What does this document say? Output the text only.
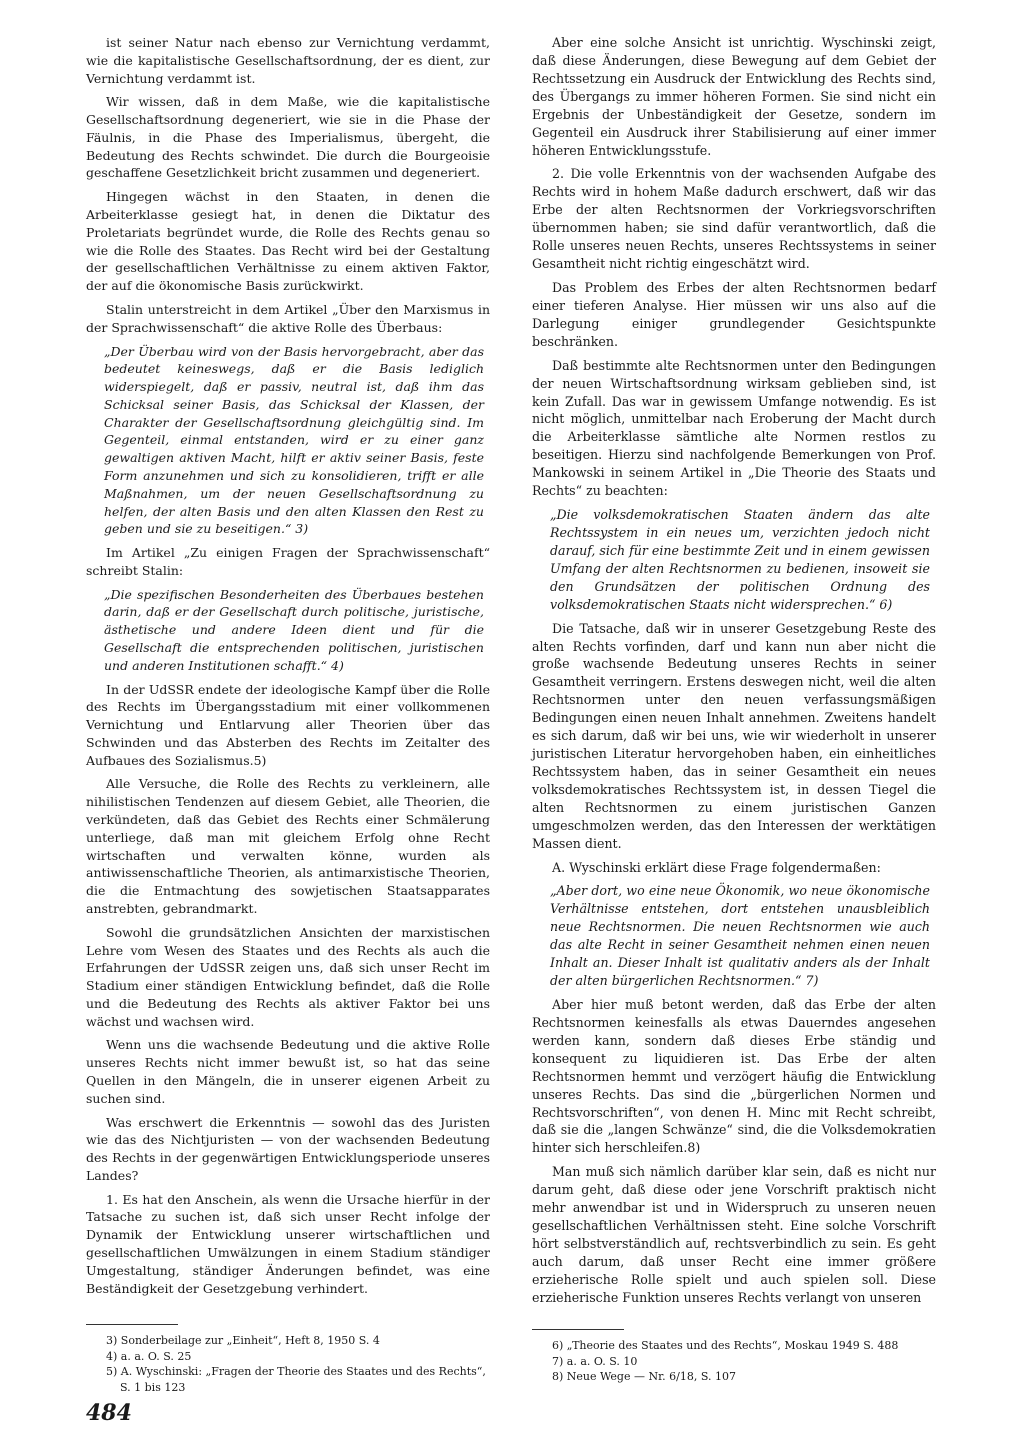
ist seiner Natur nach ebenso zur Vernichtung verdammt, wie die kapitalistische Gesellschaftsordnung, der es dient, zur Vernichtung verdammt ist.

Wir wissen, daß in dem Maße, wie die kapitalistische Gesellschaftsordnung degeneriert, wie sie in die Phase der Fäulnis, in die Phase des Imperialismus, übergeht, die Bedeutung des Rechts schwindet. Die durch die Bourgeoisie geschaffene Gesetzlichkeit bricht zusammen und degeneriert.

Hingegen wächst in den Staaten, in denen die Arbeiterklasse gesiegt hat, in denen die Diktatur des Proletariats begründet wurde, die Rolle des Rechts genau so wie die Rolle des Staates. Das Recht wird bei der Gestaltung der gesellschaftlichen Verhältnisse zu einem aktiven Faktor, der auf die ökonomische Basis zurückwirkt.

Stalin unterstreicht in dem Artikel „Über den Marxismus in der Sprachwissenschaft“ die aktive Rolle des Überbaus:

„Der Überbau wird von der Basis hervorgebracht, aber das bedeutet keineswegs, daß er die Basis lediglich widerspiegelt, daß er passiv, neutral ist, daß ihm das Schicksal seiner Basis, das Schicksal der Klassen, der Charakter der Gesellschaftsordnung gleichgültig sind. Im Gegenteil, einmal entstanden, wird er zu einer ganz gewaltigen aktiven Macht, hilft er aktiv seiner Basis, feste Form anzunehmen und sich zu konsolidieren, trifft er alle Maßnahmen, um der neuen Gesellschaftsordnung zu helfen, der alten Basis und den alten Klassen den Rest zu geben und sie zu beseitigen.“ 3)

Im Artikel „Zu einigen Fragen der Sprachwissenschaft“ schreibt Stalin:

„Die spezifischen Besonderheiten des Überbaues bestehen darin, daß er der Gesellschaft durch politische, juristische, ästhetische und andere Ideen dient und für die Gesellschaft die entsprechenden politischen, juristischen und anderen Institutionen schafft.“ 4)

In der UdSSR endete der ideologische Kampf über die Rolle des Rechts im Übergangsstadium mit einer vollkommenen Vernichtung und Entlarvung aller Theorien über das Schwinden und das Absterben des Rechts im Zeitalter des Aufbaues des Sozialismus.5)

Alle Versuche, die Rolle des Rechts zu verkleinern, alle nihilistischen Tendenzen auf diesem Gebiet, alle Theorien, die verkündeten, daß das Gebiet des Rechts einer Schmälerung unterliege, daß man mit gleichem Erfolg ohne Recht wirtschaften und verwalten könne, wurden als antiwissenschaftliche Theorien, als antimarxistische Theorien, die die Entmachtung des sowjetischen Staatsapparates anstrebten, gebrandmarkt.

Sowohl die grundsätzlichen Ansichten der marxistischen Lehre vom Wesen des Staates und des Rechts als auch die Erfahrungen der UdSSR zeigen uns, daß sich unser Recht im Stadium einer ständigen Entwicklung befindet, daß die Rolle und die Bedeutung des Rechts als aktiver Faktor bei uns wächst und wachsen wird.

Wenn uns die wachsende Bedeutung und die aktive Rolle unseres Rechts nicht immer bewußt ist, so hat das seine Quellen in den Mängeln, die in unserer eigenen Arbeit zu suchen sind.

Was erschwert die Erkenntnis — sowohl das des Juristen wie das des Nichtjuristen — von der wachsenden Bedeutung des Rechts in der gegenwärtigen Entwicklungsperiode unseres Landes?

1. Es hat den Anschein, als wenn die Ursache hierfür in der Tatsache zu suchen ist, daß sich unser Recht infolge der Dynamik der Entwicklung unserer wirtschaftlichen und gesellschaftlichen Umwälzungen in einem Stadium ständiger Umgestaltung, ständiger Änderungen befindet, was eine Beständigkeit der Gesetzgebung verhindert.

Aber eine solche Ansicht ist unrichtig. Wyschinski zeigt, daß diese Änderungen, diese Bewegung auf dem Gebiet der Rechtssetzung ein Ausdruck der Entwicklung des Rechts sind, des Übergangs zu immer höheren Formen. Sie sind nicht ein Ergebnis der Unbeständigkeit der Gesetze, sondern im Gegenteil ein Ausdruck ihrer Stabilisierung auf einer immer höheren Entwicklungsstufe.

2. Die volle Erkenntnis von der wachsenden Aufgabe des Rechts wird in hohem Maße dadurch erschwert, daß wir das Erbe der alten Rechtsnormen der Vorkriegsvorschriften übernommen haben; sie sind dafür verantwortlich, daß die Rolle unseres neuen Rechts, unseres Rechtssystems in seiner Gesamtheit nicht richtig eingeschätzt wird.

Das Problem des Erbes der alten Rechtsnormen bedarf einer tieferen Analyse. Hier müssen wir uns also auf die Darlegung einiger grundlegender Gesichtspunkte beschränken.

Daß bestimmte alte Rechtsnormen unter den Bedingungen der neuen Wirtschaftsordnung wirksam geblieben sind, ist kein Zufall. Das war in gewissem Umfange notwendig. Es ist nicht möglich, unmittelbar nach Eroberung der Macht durch die Arbeiterklasse sämtliche alte Normen restlos zu beseitigen. Hierzu sind nachfolgende Bemerkungen von Prof. Mankowski in seinem Artikel in „Die Theorie des Staats und Rechts“ zu beachten:

„Die volksdemokratischen Staaten ändern das alte Rechtssystem in ein neues um, verzichten jedoch nicht darauf, sich für eine bestimmte Zeit und in einem gewissen Umfang der alten Rechtsnormen zu bedienen, insoweit sie den Grundsätzen der politischen Ordnung des volksdemokratischen Staats nicht widersprechen.“ 6)

Die Tatsache, daß wir in unserer Gesetzgebung Reste des alten Rechts vorfinden, darf und kann nun aber nicht die große wachsende Bedeutung unseres Rechts in seiner Gesamtheit verringern. Erstens deswegen nicht, weil die alten Rechtsnormen unter den neuen verfassungsmäßigen Bedingungen einen neuen Inhalt annehmen. Zweitens handelt es sich darum, daß wir bei uns, wie wir wiederholt in unserer juristischen Literatur hervorgehoben haben, ein einheitliches Rechtssystem haben, das in seiner Gesamtheit ein neues volksdemokratisches Rechtssystem ist, in dessen Tiegel die alten Rechtsnormen zu einem juristischen Ganzen umgeschmolzen werden, das den Interessen der werktätigen Massen dient.

A. Wyschinski erklärt diese Frage folgendermaßen:

„Aber dort, wo eine neue Ökonomik, wo neue ökonomische Verhältnisse entstehen, dort entstehen unausbleiblich neue Rechtsnormen. Die neuen Rechtsnormen wie auch das alte Recht in seiner Gesamtheit nehmen einen neuen Inhalt an. Dieser Inhalt ist qualitativ anders als der Inhalt der alten bürgerlichen Rechtsnormen.“ 7)

Aber hier muß betont werden, daß das Erbe der alten Rechtsnormen keinesfalls als etwas Dauerndes angesehen werden kann, sondern daß dieses Erbe ständig und konsequent zu liquidieren ist. Das Erbe der alten Rechtsnormen hemmt und verzögert häufig die Entwicklung unseres Rechts. Das sind die „bürgerlichen Normen und Rechtsvorschriften“, von denen H. Minc mit Recht schreibt, daß sie die „langen Schwänze“ sind, die die Volksdemokratien hinter sich herschleifen.8)

Man muß sich nämlich darüber klar sein, daß es nicht nur darum geht, daß diese oder jene Vorschrift praktisch nicht mehr anwendbar ist und in Widerspruch zu unseren neuen gesellschaftlichen Verhältnissen steht. Eine solche Vorschrift hört selbstverständlich auf, rechtsverbindlich zu sein. Es geht auch darum, daß unser Recht eine immer größere erzieherische Rolle spielt und auch spielen soll. Diese erzieherische Funktion unseres Rechts verlangt von unseren

3) Sonderbeilage zur „Einheit“, Heft 8, 1950 S. 4

4) a. a. O. S. 25

5) A. Wyschinski: „Fragen der Theorie des Staates und des Rechts“, S. 1 bis 123

6) „Theorie des Staates und des Rechts“, Moskau 1949 S. 488

7) a. a. O. S. 10

8) Neue Wege — Nr. 6/18, S. 107

484
